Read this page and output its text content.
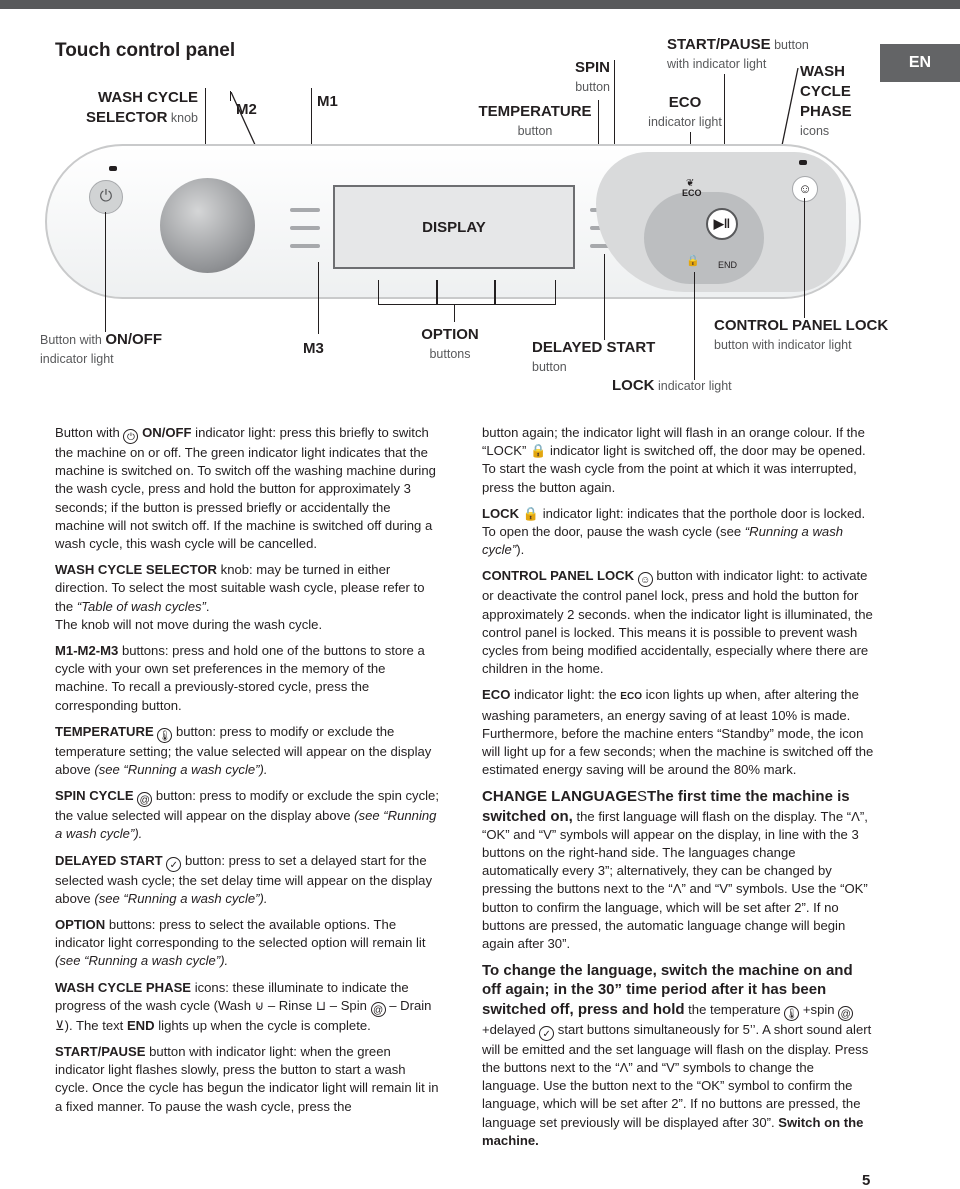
Touch control panel
EN
WASH CYCLE
SELECTOR knob	M2	M1
TEMPERATURE
button
SPIN
button
START/PAUSE button
with indicator light
ECO
indicator light
WASH
CYCLE
PHASE
icons
⏻
DISPLAY
ECO
❦
▶‖
🔒 END
☺
Button with ON/OFF
indicator light
M3
OPTION
buttons	DELAYED START
button
CONTROL PANEL LOCK
button with indicator light
LOCK indicator light

Button with ⏻ ON/OFF indicator light: press this briefly to switch the machine on or off. The green indicator light indicates that the machine is switched on. To switch off the washing machine during the wash cycle, press and hold the button for approximately 3 seconds; if the button is pressed briefly or accidentally the machine will not switch off. If the machine is switched off during a wash cycle, this wash cycle will be cancelled.

WASH CYCLE SELECTOR knob: may be turned in either direction. To select the most suitable wash cycle, please refer to the “Table of wash cycles”.
The knob will not move during the wash cycle.

M1-M2-M3 buttons: press and hold one of the buttons to store a cycle with your own set preferences in the memory of the machine. To recall a previously-stored cycle, press the corresponding button.

TEMPERATURE 🌡 button: press to modify or exclude the temperature setting; the value selected will appear on the display above (see “Running a wash cycle”).

SPIN CYCLE @ button: press to modify or exclude the spin cycle; the value selected will appear on the display above (see “Running a wash cycle”).

DELAYED START ✓ button: press to set a delayed start for the selected wash cycle; the set delay time will appear on the display above (see “Running a wash cycle”).

OPTION buttons: press to select the available options. The indicator light corresponding to the selected option will remain lit (see “Running a wash cycle”).

WASH CYCLE PHASE icons: these illuminate to indicate the progress of the wash cycle (Wash ⊍ – Rinse ⊔ – Spin @ – Drain ⊻). The text END lights up when the cycle is complete.

START/PAUSE button with indicator light: when the green indicator light flashes slowly, press the button to start a wash cycle. Once the cycle has begun the indicator light will remain lit in a fixed manner. To pause the wash cycle, press the

button again; the indicator light will flash in an orange colour. If the “LOCK” 🔒 indicator light is switched off, the door may be opened. To start the wash cycle from the point at which it was interrupted, press the button again.

LOCK 🔒 indicator light: indicates that the porthole door is locked. To open the door, pause the wash cycle (see “Running a wash cycle”).

CONTROL PANEL LOCK ☺ button with indicator light: to activate or deactivate the control panel lock, press and hold the button for approximately 2 seconds. when the indicator light is illuminated, the control panel is locked. This means it is possible to prevent wash cycles from being modified accidentally, especially where there are children in the home.

ECO indicator light: the ECO icon lights up when, after altering the washing parameters, an energy saving of at least 10% is made. Furthermore, before the machine enters “Standby” mode, the icon will light up for a few seconds; when the machine is switched off the estimated energy saving will be around the 80% mark.

CHANGE LANGUAGESThe first time the machine is switched on, the first language will flash on the display. The “Λ”, “OK” and “V” symbols will appear on the display, in line with the 3 buttons on the right-hand side. The languages change automatically every 3”; alternatively, they can be changed by pressing the buttons next to the “Λ” and “V” symbols. Use the “OK” button to confirm the language, which will be set after 2”. If no buttons are pressed, the automatic language change will begin again after 30”.

To change the language, switch the machine on and off again; in the 30” time period after it has been switched off, press and hold the temperature 🌡 +spin @ +delayed ✓ start buttons simultaneously for 5’’. A short sound alert will be emitted and the set language will flash on the display. Press the buttons next to the “Λ” and “V” symbols to change the language. Use the button next to the “OK” symbol to confirm the language, which will be set after 2”. If no buttons are pressed, the language set previously will be displayed after 30”. Switch on the machine.

5
